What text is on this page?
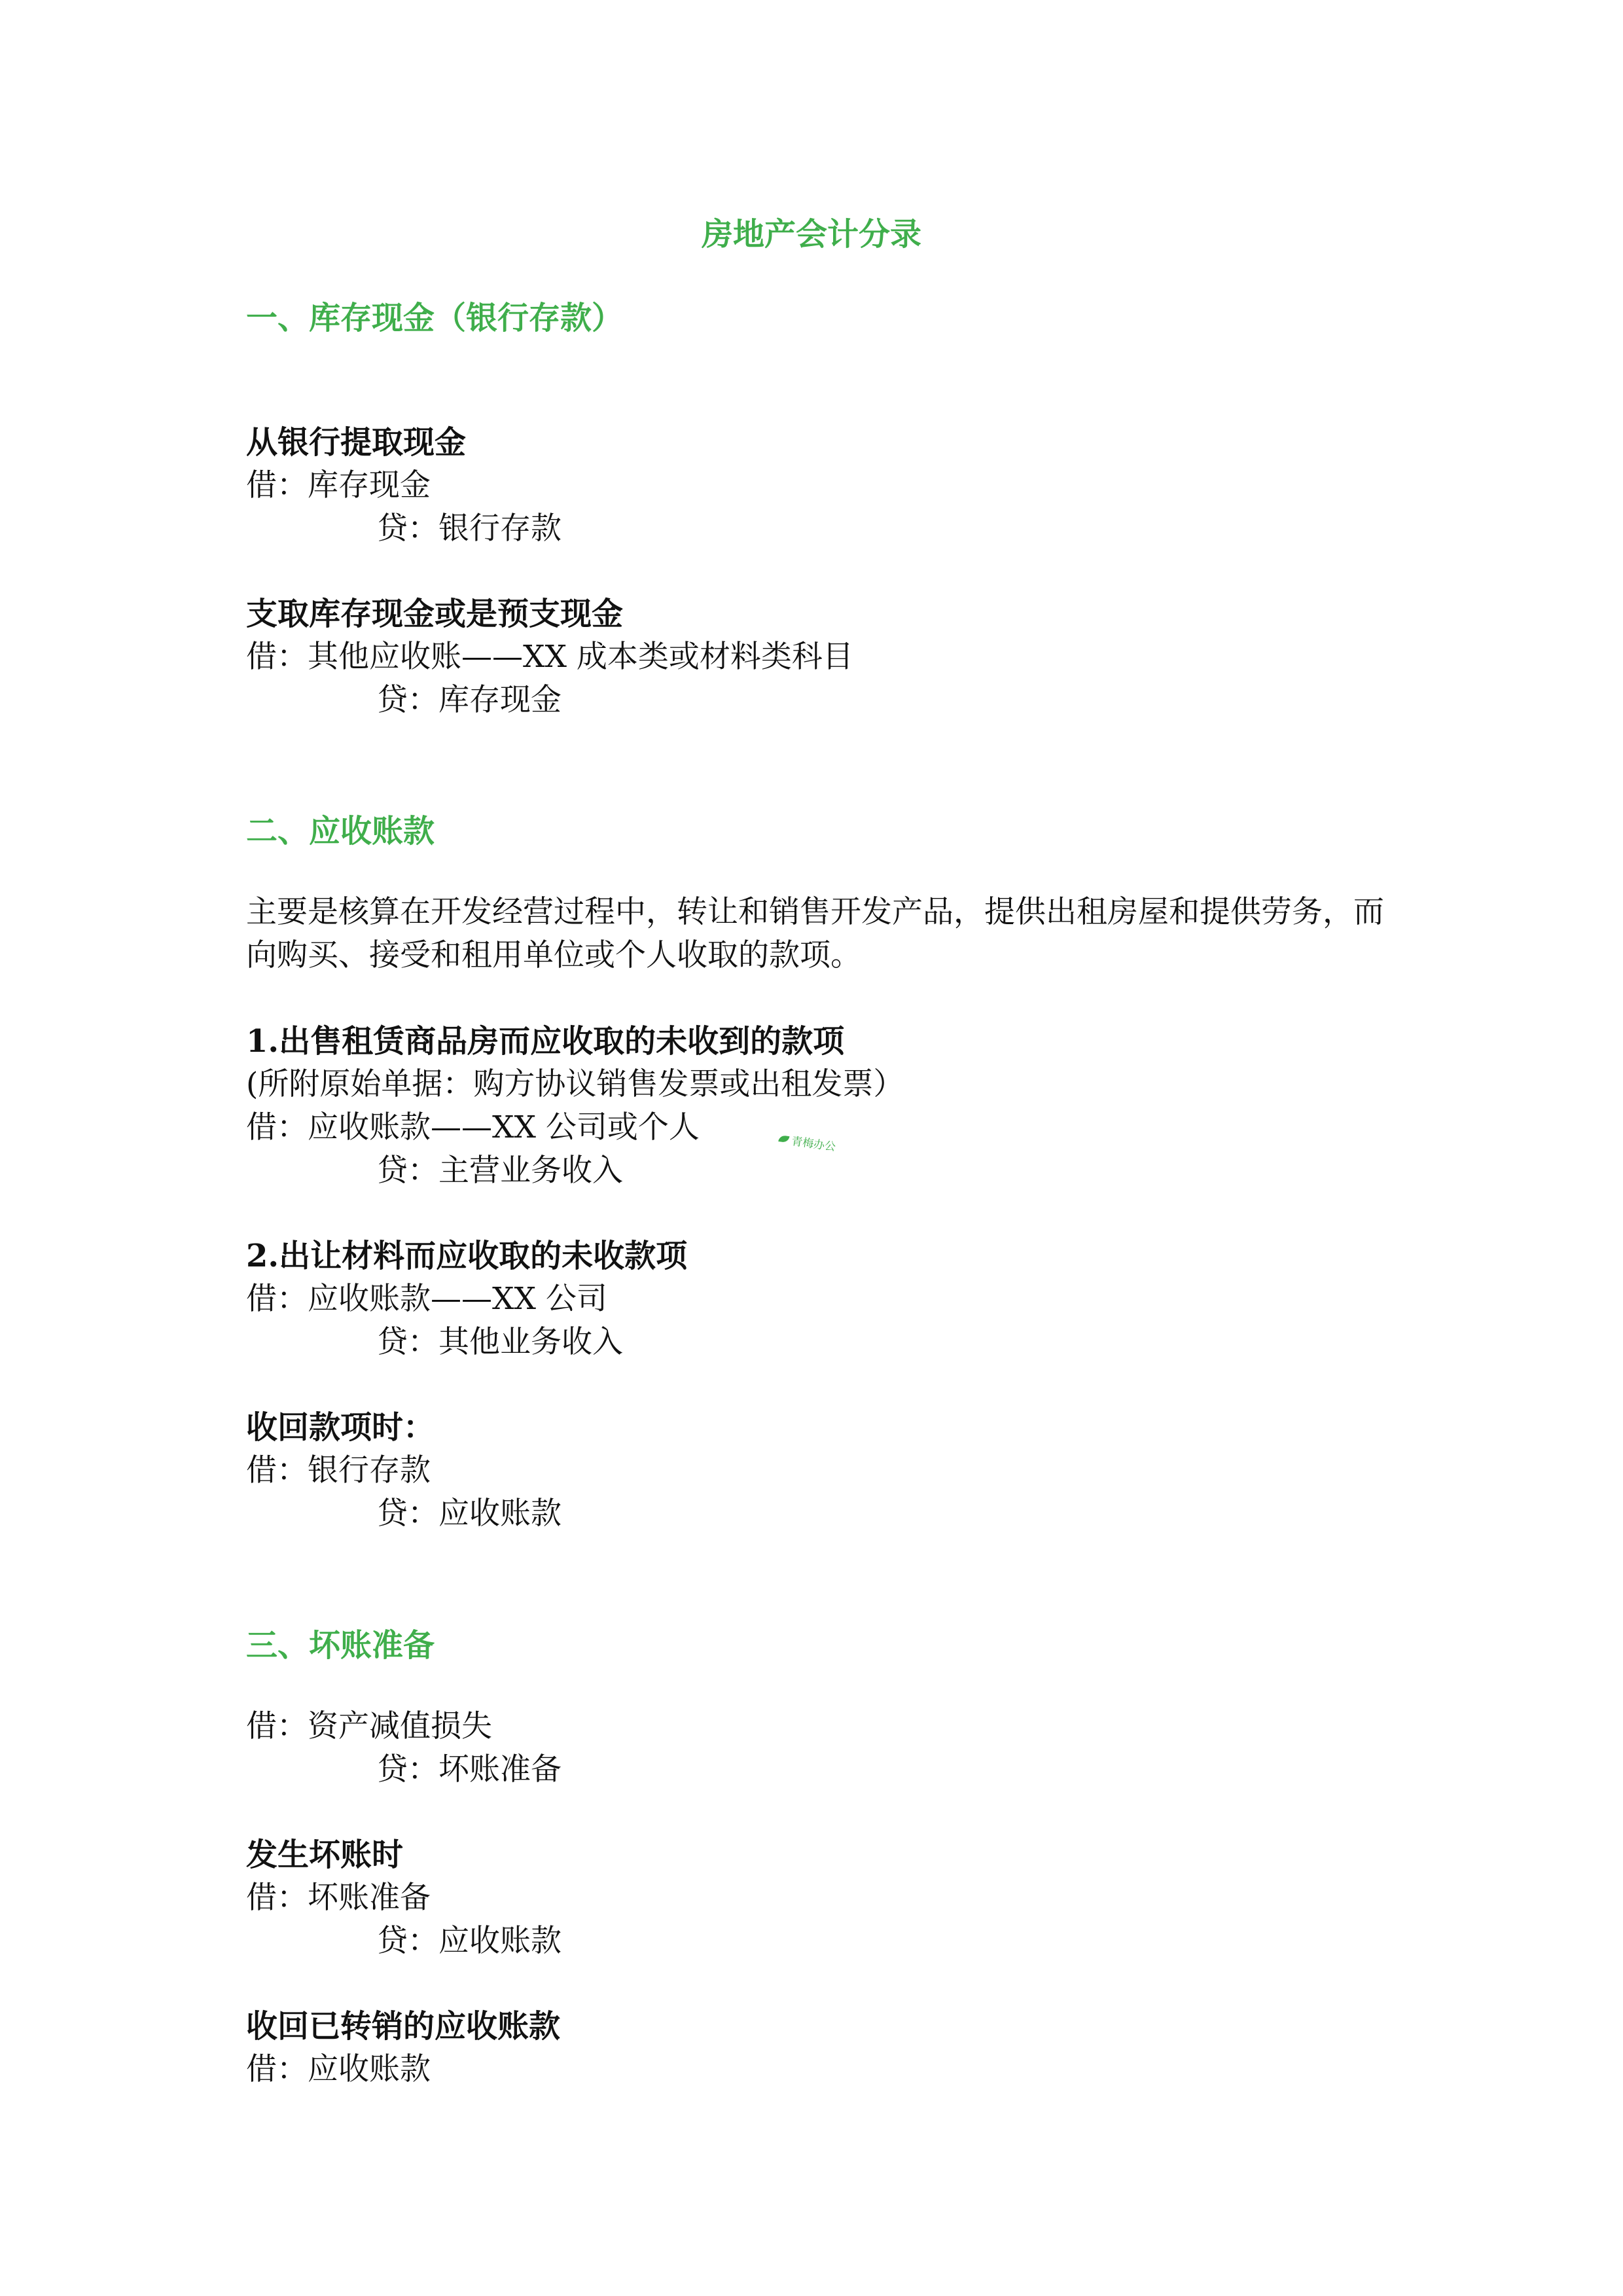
房地产会计分录
一、库存现金（银行存款）
从银行提取现金

借：库存现金

贷：银行存款

支取库存现金或是预支现金

借：其他应收账——XX 成本类或材料类科目

贷：库存现金

二、应收账款

主要是核算在开发经营过程中，转让和销售开发产品，提供出租房屋和提供劳务，而向购买、接受和租用单位或个人收取的款项。

1.出售租赁商品房而应收取的未收到的款项

(所附原始单据：购方协议销售发票或出租发票）

借：应收账款——XX 公司或个人

贷：主营业务收入

青梅办公
2.出让材料而应收取的未收款项

借：应收账款——XX 公司

贷：其他业务收入

收回款项时：

借：银行存款

贷：应收账款

三、坏账准备

借：资产减值损失

贷：坏账准备

发生坏账时

借：坏账准备

贷：应收账款

收回已转销的应收账款

借：应收账款
